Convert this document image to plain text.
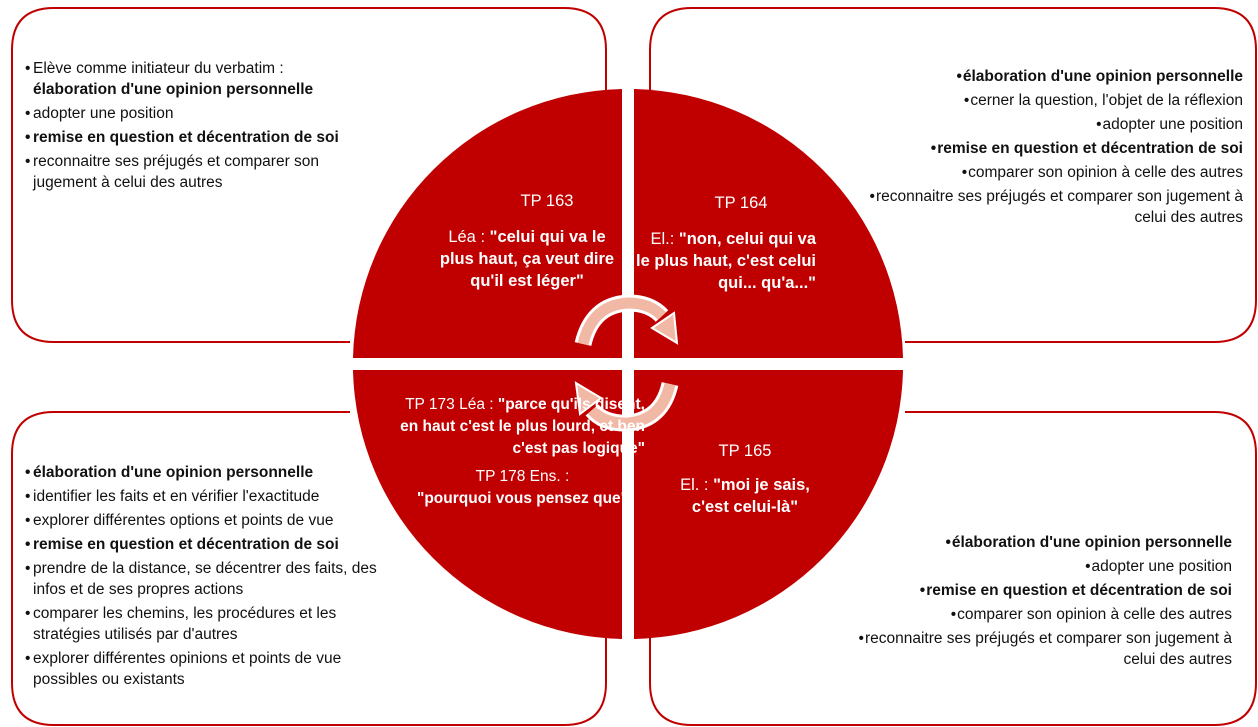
• Elève comme initiateur du verbatim :
élaboration d'une opinion personnelle
• adopter une position
• remise en question et décentration de soi
• reconnaitre ses préjugés et comparer son jugement à celui des autres
•élaboration d'une opinion personnelle
•cerner la question, l'objet de la réflexion
•adopter une position
•remise en question et décentration de soi
•comparer son opinion à celle des autres
•reconnaitre ses préjugés et comparer son jugement à celui des autres
• élaboration d'une opinion personnelle
• identifier les faits et en vérifier l'exactitude
• explorer différentes options et points de vue
• remise en question et décentration de soi
• prendre de la distance, se décentrer des faits, des infos et de ses propres actions
• comparer les chemins, les procédures et les stratégies utilisés par d'autres
• explorer différentes opinions et points de vue possibles ou existants
•élaboration d'une opinion personnelle
•adopter une position
•remise en question et décentration de soi
•comparer son opinion à celle des autres
•reconnaitre ses préjugés et comparer son jugement à celui des autres
TP 163
Léa : "celui qui va le plus haut, ça veut dire qu'il est léger"
TP 164
El.: "non, celui qui va le plus haut, c'est celui qui... qu'a..."
TP 173 Léa : "parce qu'ils disent, en haut c'est le plus lourd, et ben c'est pas logique"
TP 178 Ens. :
"pourquoi vous pensez que"
TP 165
El. : "moi je sais, c'est celui-là"
